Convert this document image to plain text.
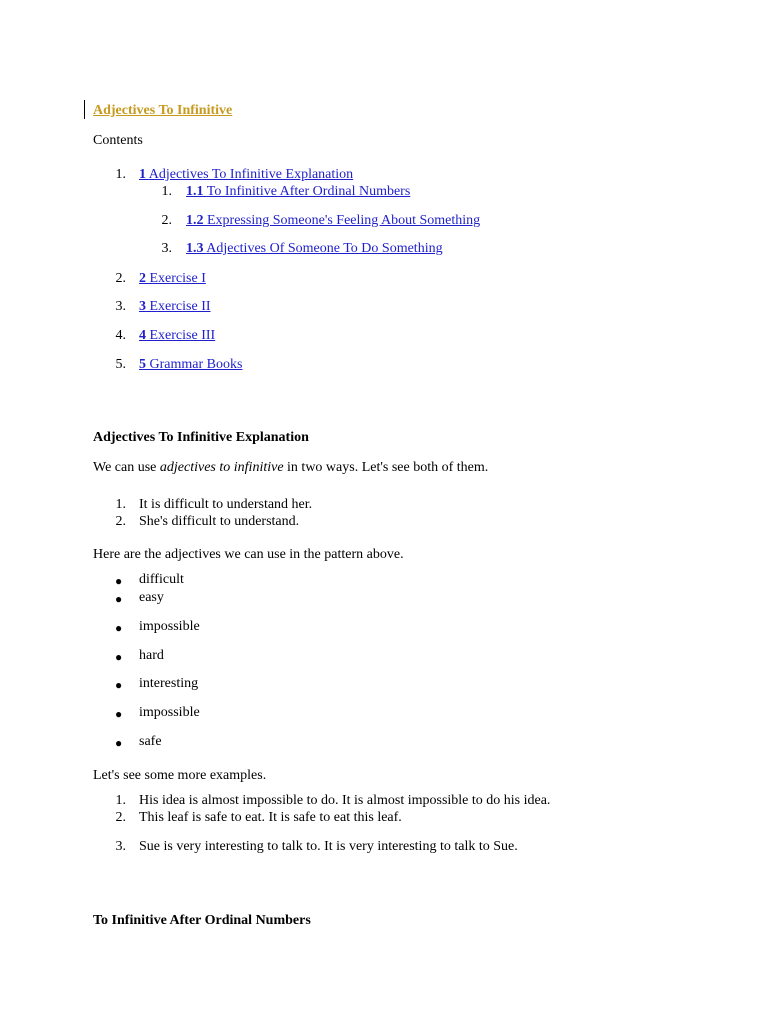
Adjectives To Infinitive
Contents
1. 1 Adjectives To Infinitive Explanation
1. 1.1 To Infinitive After Ordinal Numbers
2. 1.2 Expressing Someone's Feeling About Something
3. 1.3 Adjectives Of Someone To Do Something
2. 2 Exercise I
3. 3 Exercise II
4. 4 Exercise III
5. 5 Grammar Books
Adjectives To Infinitive Explanation
We can use adjectives to infinitive in two ways. Let's see both of them.
1. It is difficult to understand her.
2. She's difficult to understand.
Here are the adjectives we can use in the pattern above.
● difficult
● easy
● impossible
● hard
● interesting
● impossible
● safe
Let's see some more examples.
1. His idea is almost impossible to do. It is almost impossible to do his idea.
2. This leaf is safe to eat. It is safe to eat this leaf.
3. Sue is very interesting to talk to. It is very interesting to talk to Sue.
To Infinitive After Ordinal Numbers
